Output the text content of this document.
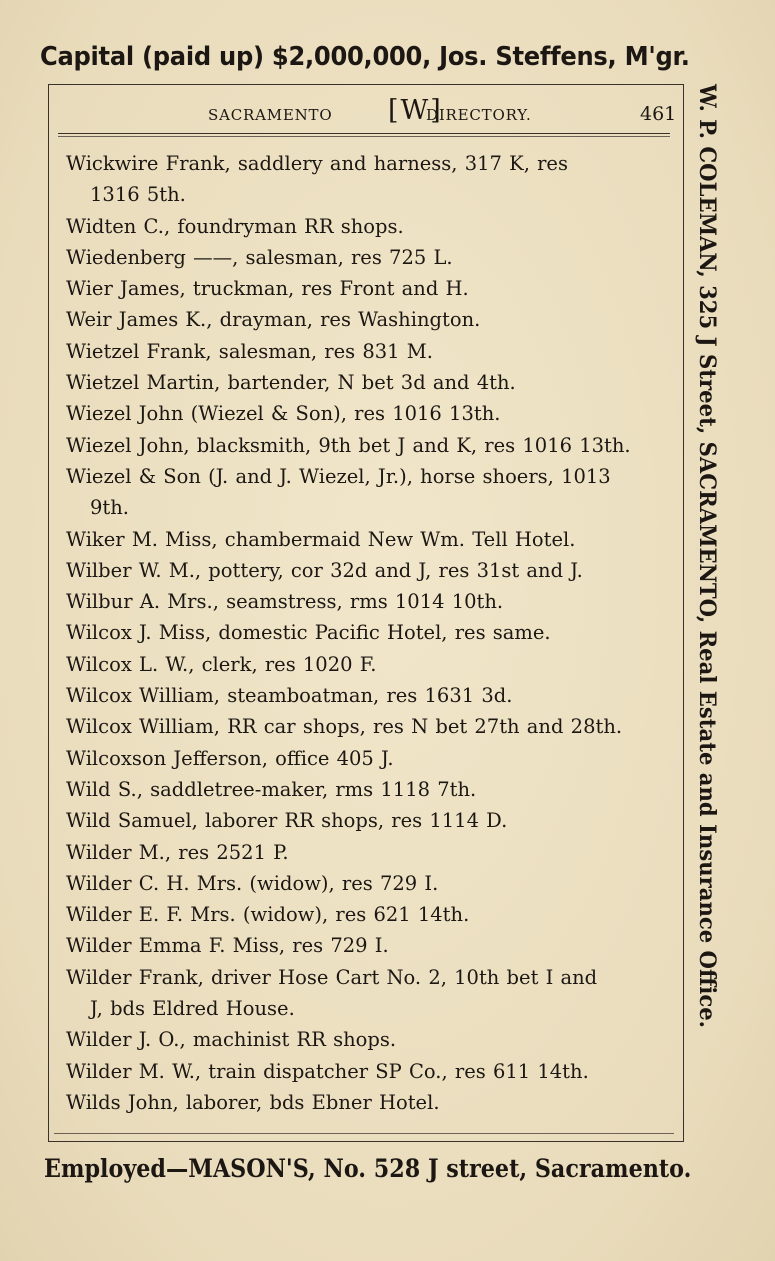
Capital (paid up) $2,000,000, Jos. Steffens, M'gr.
SACRAMENTO [W]
DIRECTORY.	461
Wickwire Frank, saddlery and harness, 317 K, res
1316 5th.
Widten C., foundryman RR shops.
Wiedenberg ——, salesman, res 725 L.
Wier James, truckman, res Front and H.
Weir James K., drayman, res Washington.
Wietzel Frank, salesman, res 831 M.
Wietzel Martin, bartender, N bet 3d and 4th.
Wiezel John (Wiezel & Son), res 1016 13th.
Wiezel John, blacksmith, 9th bet J and K, res 1016 13th.
Wiezel & Son (J. and J. Wiezel, Jr.), horse shoers, 1013
9th.
Wiker M. Miss, chambermaid New Wm. Tell Hotel.
Wilber W. M., pottery, cor 32d and J, res 31st and J.
Wilbur A. Mrs., seamstress, rms 1014 10th.
Wilcox J. Miss, domestic Pacific Hotel, res same.
Wilcox L. W., clerk, res 1020 F.
Wilcox William, steamboatman, res 1631 3d.
Wilcox William, RR car shops, res N bet 27th and 28th.
Wilcoxson Jefferson, office 405 J.
Wild S., saddletree-maker, rms 1118 7th.
Wild Samuel, laborer RR shops, res 1114 D.
Wilder M., res 2521 P.
Wilder C. H. Mrs. (widow), res 729 I.
Wilder E. F. Mrs. (widow), res 621 14th.
Wilder Emma F. Miss, res 729 I.
Wilder Frank, driver Hose Cart No. 2, 10th bet I and
J, bds Eldred House.
Wilder J. O., machinist RR shops.
Wilder M. W., train dispatcher SP Co., res 611 14th.
Wilds John, laborer, bds Ebner Hotel.
W. P. COLEMAN, 325 J Street, SACRAMENTO, Real Estate and Insurance Office.
Employed—MASON'S, No. 528 J street, Sacramento.
